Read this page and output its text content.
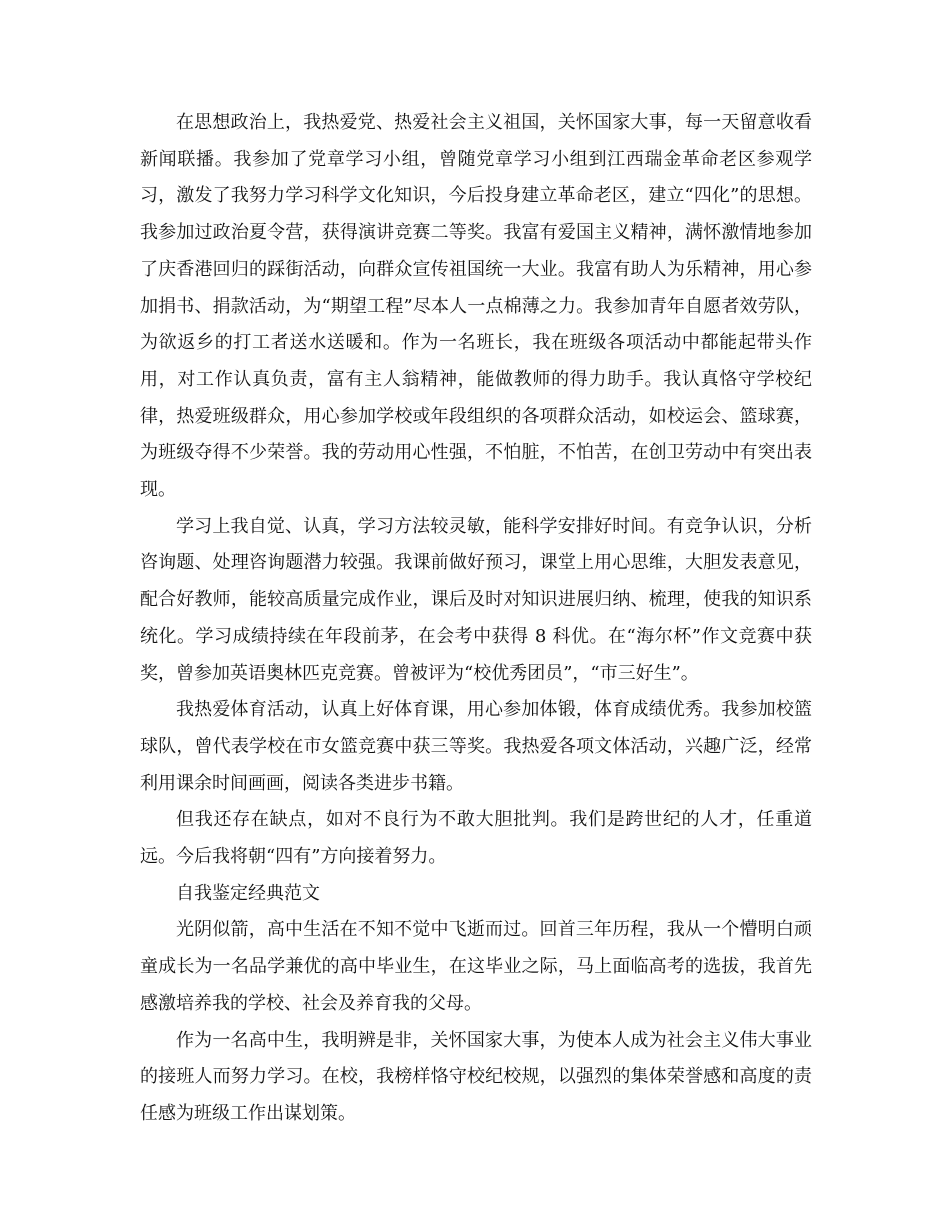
在思想政治上，我热爱党、热爱社会主义祖国，关怀国家大事，每一天留意收看新闻联播。我参加了党章学习小组，曾随党章学习小组到江西瑞金革命老区参观学习，激发了我努力学习科学文化知识，今后投身建立革命老区，建立“四化”的思想。我参加过政治夏令营，获得演讲竞赛二等奖。我富有爱国主义精神，满怀激情地参加了庆香港回归的踩街活动，向群众宣传祖国统一大业。我富有助人为乐精神，用心参加捐书、捐款活动，为“期望工程”尽本人一点棉薄之力。我参加青年自愿者效劳队，为欲返乡的打工者送水送暖和。作为一名班长，我在班级各项活动中都能起带头作用，对工作认真负责，富有主人翁精神，能做教师的得力助手。我认真恪守学校纪律，热爱班级群众，用心参加学校或年段组织的各项群众活动，如校运会、篮球赛，为班级夺得不少荣誉。我的劳动用心性强，不怕脏，不怕苦，在创卫劳动中有突出表现。

学习上我自觉、认真，学习方法较灵敏，能科学安排好时间。有竞争认识，分析咨询题、处理咨询题潜力较强。我课前做好预习，课堂上用心思维，大胆发表意见，配合好教师，能较高质量完成作业，课后及时对知识进展归纳、梳理，使我的知识系统化。学习成绩持续在年段前茅，在会考中获得 8 科优。在“海尔杯”作文竞赛中获奖，曾参加英语奥林匹克竞赛。曾被评为“校优秀团员”，“市三好生”。

我热爱体育活动，认真上好体育课，用心参加体锻，体育成绩优秀。我参加校篮球队，曾代表学校在市女篮竞赛中获三等奖。我热爱各项文体活动，兴趣广泛，经常利用课余时间画画，阅读各类进步书籍。

但我还存在缺点，如对不良行为不敢大胆批判。我们是跨世纪的人才，任重道远。今后我将朝“四有”方向接着努力。

自我鉴定经典范文

光阴似箭，高中生活在不知不觉中飞逝而过。回首三年历程，我从一个懵明白顽童成长为一名品学兼优的高中毕业生，在这毕业之际，马上面临高考的选拔，我首先感激培养我的学校、社会及养育我的父母。

作为一名高中生，我明辨是非，关怀国家大事，为使本人成为社会主义伟大事业的接班人而努力学习。在校，我榜样恪守校纪校规，以强烈的集体荣誉感和高度的责任感为班级工作出谋划策。
